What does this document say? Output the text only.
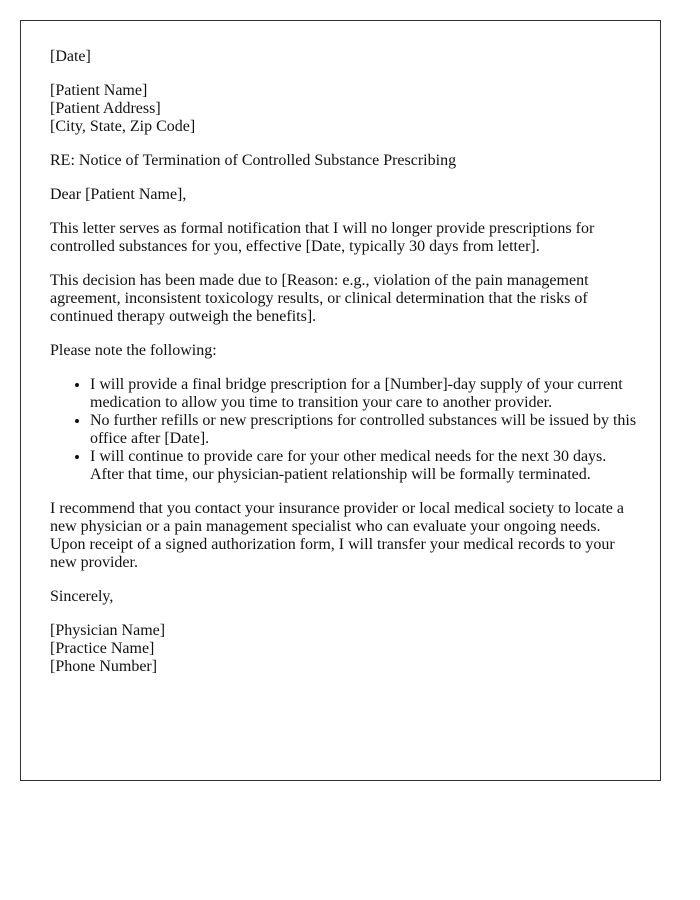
[Date]

[Patient Name]
[Patient Address]
[City, State, Zip Code]

RE: Notice of Termination of Controlled Substance Prescribing

Dear [Patient Name],

This letter serves as formal notification that I will no longer provide prescriptions for controlled substances for you, effective [Date, typically 30 days from letter].

This decision has been made due to [Reason: e.g., violation of the pain management agreement, inconsistent toxicology results, or clinical determination that the risks of continued therapy outweigh the benefits].

Please note the following:

• I will provide a final bridge prescription for a [Number]-day supply of your current medication to allow you time to transition your care to another provider.
• No further refills or new prescriptions for controlled substances will be issued by this office after [Date].
• I will continue to provide care for your other medical needs for the next 30 days. After that time, our physician-patient relationship will be formally terminated.

I recommend that you contact your insurance provider or local medical society to locate a new physician or a pain management specialist who can evaluate your ongoing needs. Upon receipt of a signed authorization form, I will transfer your medical records to your new provider.

Sincerely,

[Physician Name]
[Practice Name]
[Phone Number]
